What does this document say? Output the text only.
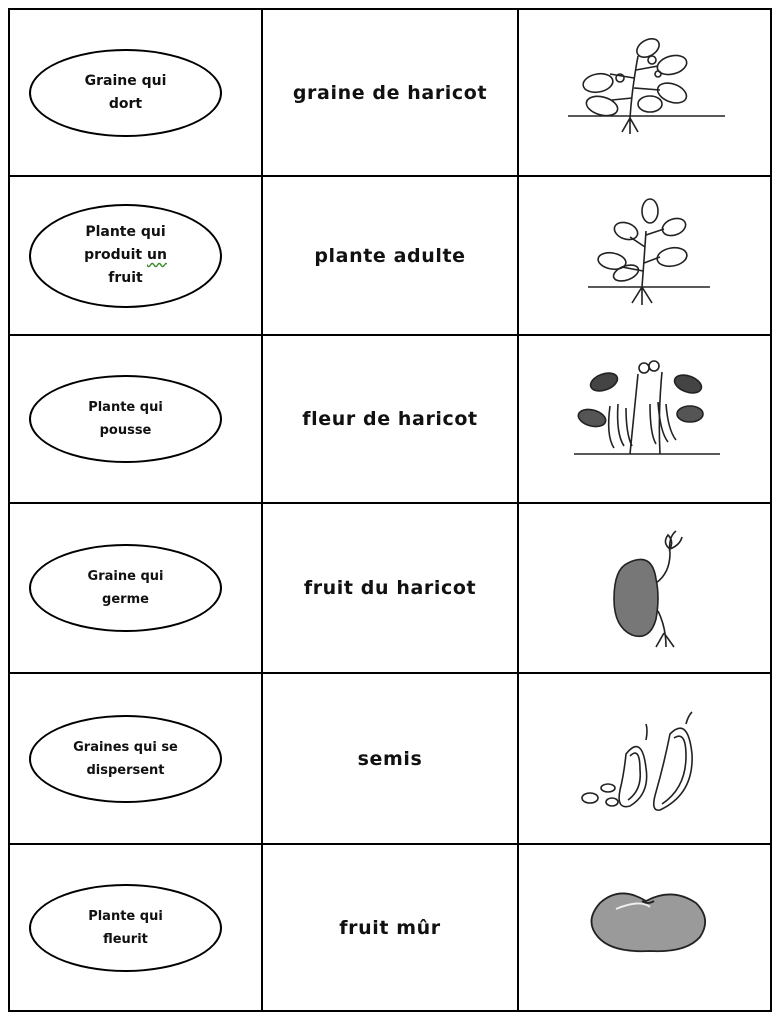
Graine qui
dort	graine de haricot
Plante qui
produit un
fruit
plante adulte
Plante qui
pousse
fleur de haricot
Graine qui
germe
fruit du haricot
Graines qui se
dispersent
semis
Plante qui
fleurit
fruit mûr
